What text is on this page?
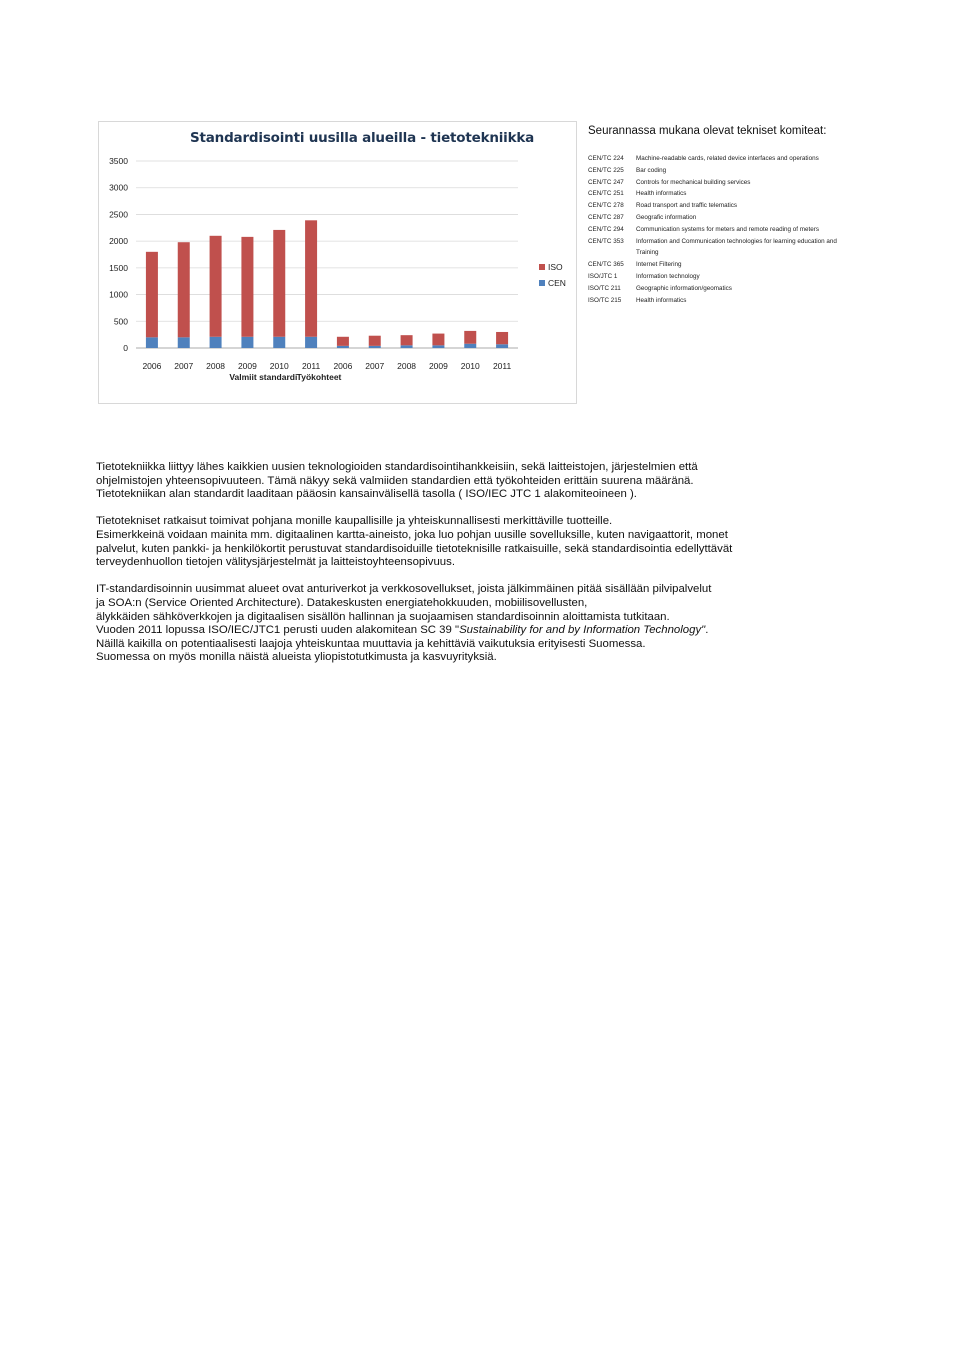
0
500
1000
1500
2000
2500
3000
3500
2006 2007 2008 2009 2010 2011 2006 2007 2008 2009 2010 2011
Valmiit standardi Työkohteet
ISO
CEN
Standardisointi uusilla alueilla - tietotekniikka	Seurannassa mukana olevat tekniset komiteat:
CEN/TC 224	Machine-readable cards, related device interfaces and operations
CEN/TC 225	Bar coding
CEN/TC 247	Controls for mechanical building services
CEN/TC 251	Health informatics
CEN/TC 278	Road transport and traffic telematics
CEN/TC 287	Geografic information
CEN/TC 294	Communication systems for meters and remote reading of meters
CEN/TC 353	Information and Communication technologies for learning education and Training
CEN/TC 365	Internet Filtering
ISO/JTC 1	Information technology
ISO/TC 211	Geographic information/geomatics
ISO/TC 215	Health informatics

Tietotekniikka liittyy lähes kaikkien uusien teknologioiden standardisointihankkeisiin, sekä laitteistojen, järjestelmien että
ohjelmistojen yhteensopivuuteen. Tämä näkyy sekä valmiiden standardien että työkohteiden erittäin suurena määränä.
Tietotekniikan alan standardit laaditaan pääosin kansainvälisellä tasolla ( ISO/IEC JTC 1 alakomiteoineen ).

Tietotekniset ratkaisut toimivat pohjana monille kaupallisille ja yhteiskunnallisesti merkittäville tuotteille.
Esimerkkeinä voidaan mainita mm. digitaalinen kartta-aineisto, joka luo pohjan uusille sovelluksille, kuten navigaattorit, monet
palvelut, kuten pankki- ja henkilökortit perustuvat standardisoiduille tietoteknisille ratkaisuille, sekä standardisointia edellyttävät
terveydenhuollon tietojen välitysjärjestelmät ja laitteistoyhteensopivuus.

IT-standardisoinnin uusimmat alueet ovat anturiverkot ja verkkosovellukset, joista jälkimmäinen pitää sisällään pilvipalvelut
ja SOA:n (Service Oriented Architecture). Datakeskusten energiatehokkuuden, mobiilisovellusten,
älykkäiden sähköverkkojen ja digitaalisen sisällön hallinnan ja suojaamisen standardisoinnin aloittamista tutkitaan.
Vuoden 2011 lopussa ISO/IEC/JTC1 perusti uuden alakomitean SC 39 "Sustainability for and by Information Technology".
Näillä kaikilla on potentiaalisesti laajoja yhteiskuntaa muuttavia ja kehittäviä vaikutuksia erityisesti Suomessa.
Suomessa on myös monilla näistä alueista yliopistotutkimusta ja kasvuyrityksiä.
